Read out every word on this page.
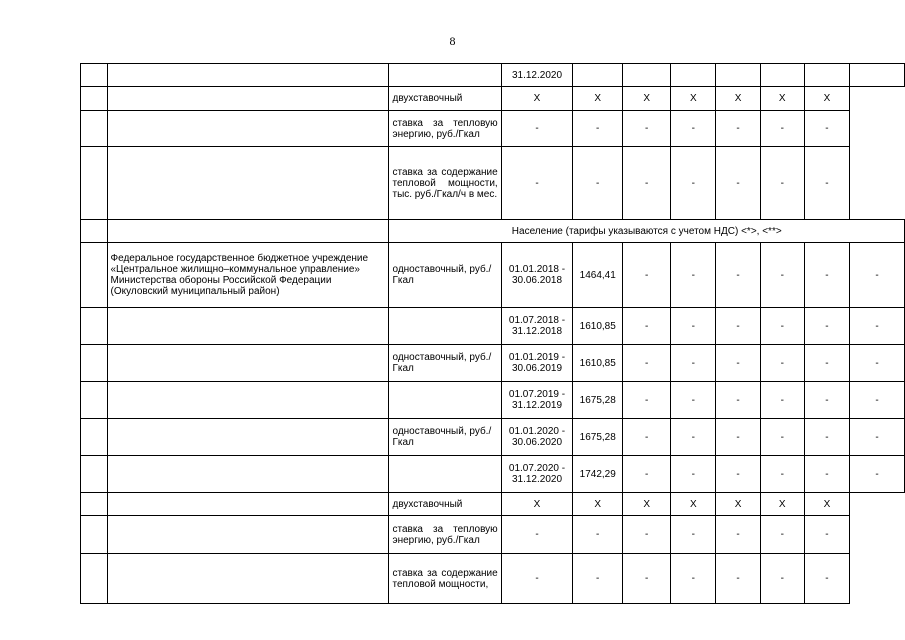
8
			31.12.2020							
		двухставочный	Х	Х	Х	Х	Х	Х	Х	
		ставка за тепловую энергию, руб./Гкал	-	-	-	-	-	-	-	
		ставка за содержание тепловой мощности, тыс. руб./Гкал/ч в мес.	-	-	-	-	-	-	-	
		Население (тарифы указываются с учетом НДС) <*>, <**>								
	Федеральное государственное бюджетное учреждение «Центральное жилищно–коммунальное управление» Министерства обороны Российской Федерации (Окуловский муниципальный район)	одноставочный, руб./Гкал	01.01.2018 - 30.06.2018	1464,41	-	-	-	-	-	-
			01.07.2018 - 31.12.2018	1610,85	-	-	-	-	-	-
		одноставочный, руб./Гкал	01.01.2019 - 30.06.2019	1610,85	-	-	-	-	-	-
			01.07.2019 - 31.12.2019	1675,28	-	-	-	-	-	-
		одноставочный, руб./Гкал	01.01.2020 - 30.06.2020	1675,28	-	-	-	-	-	-
			01.07.2020 - 31.12.2020	1742,29	-	-	-	-	-	-
		двухставочный	Х	Х	Х	Х	Х	Х	Х	
		ставка за тепловую энергию, руб./Гкал	-	-	-	-	-	-	-	
		ставка за содержание тепловой мощности,	-	-	-	-	-	-	-	
